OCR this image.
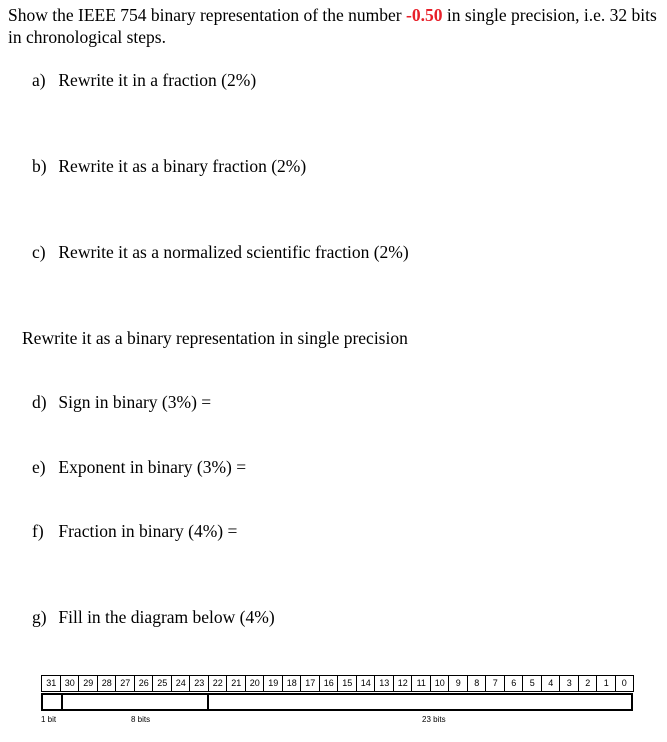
Show the IEEE 754 binary representation of the number -0.50 in single precision, i.e. 32 bits in chronological steps.

a) Rewrite it in a fraction (2%)

b) Rewrite it as a binary fraction (2%)

c) Rewrite it as a normalized scientific fraction (2%)

Rewrite it as a binary representation in single precision

d) Sign in binary (3%) =

e) Exponent in binary (3%) =

f) Fraction in binary (4%) =

g) Fill in the diagram below (4%)

31 30 29 28 27 26 25 24 23 22 21 20 19 18 17 16 15 14 13 12 11 10	9	8	7	6	5	4	3	2	1	0
1 bit	8 bits	23 bits
